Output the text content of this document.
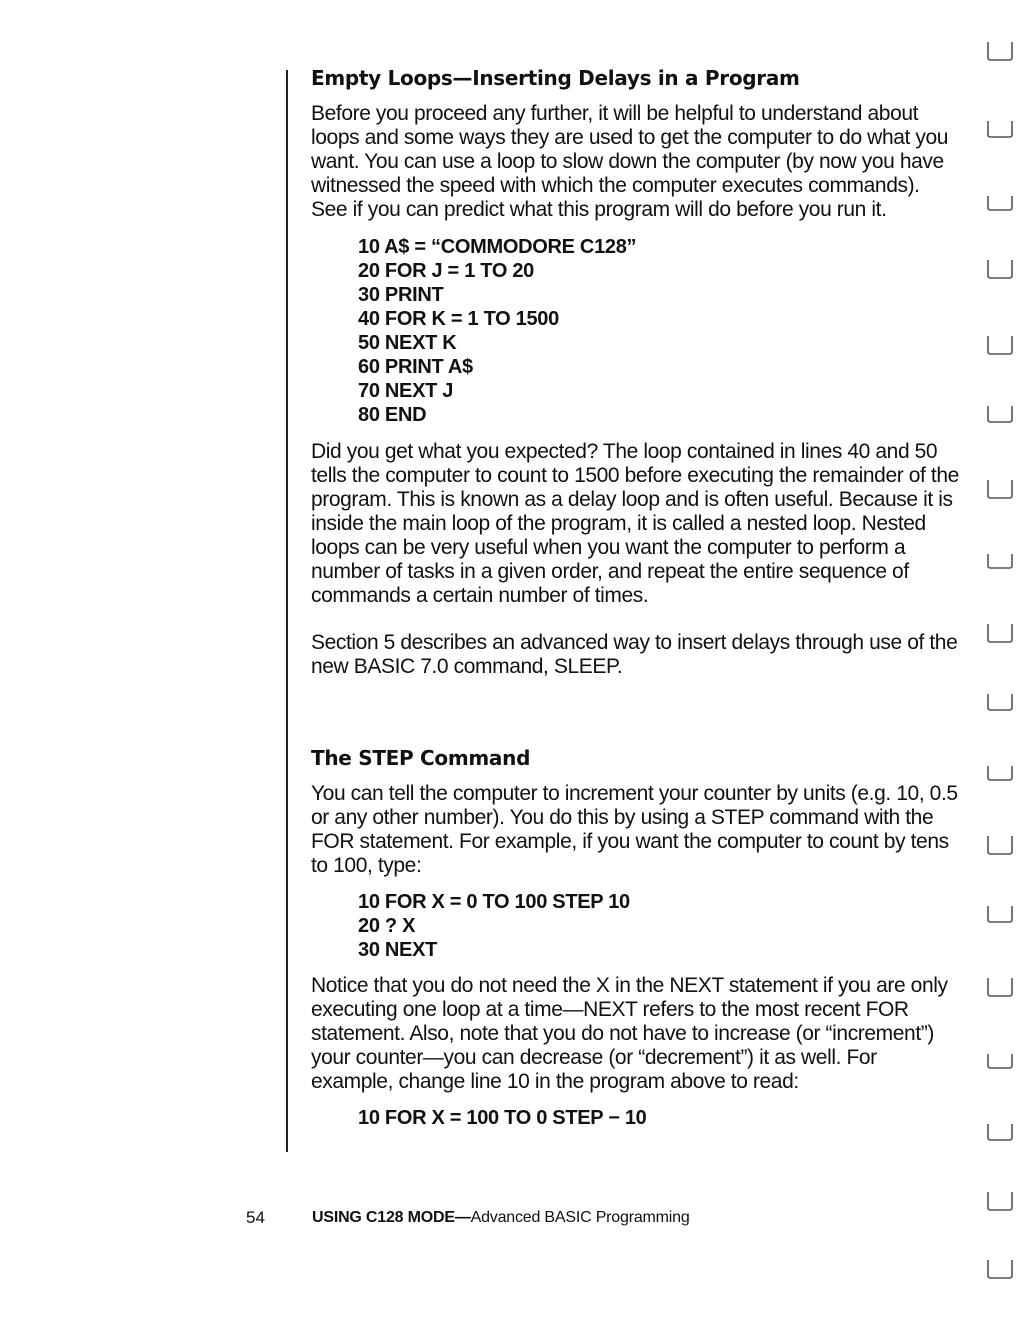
Empty Loops—Inserting Delays in a Program

Before you proceed any further, it will be helpful to understand about loops and some ways they are used to get the computer to do what you want. You can use a loop to slow down the computer (by now you have witnessed the speed with which the computer executes commands). See if you can predict what this program will do before you run it.

10 A$ = “COMMODORE C128”
20 FOR J = 1 TO 20
30 PRINT
40 FOR K = 1 TO 1500
50 NEXT K
60 PRINT A$
70 NEXT J
80 END

Did you get what you expected? The loop contained in lines 40 and 50 tells the computer to count to 1500 before executing the remainder of the program. This is known as a delay loop and is often useful. Because it is inside the main loop of the program, it is called a nested loop. Nested loops can be very useful when you want the computer to perform a number of tasks in a given order, and repeat the entire sequence of commands a certain number of times.

Section 5 describes an advanced way to insert delays through use of the new BASIC 7.0 command, SLEEP.

The STEP Command

You can tell the computer to increment your counter by units (e.g. 10, 0.5 or any other number). You do this by using a STEP command with the FOR statement. For example, if you want the computer to count by tens to 100, type:

10 FOR X = 0 TO 100 STEP 10
20 ? X
30 NEXT

Notice that you do not need the X in the NEXT statement if you are only executing one loop at a time—NEXT refers to the most recent FOR statement. Also, note that you do not have to increase (or “increment”) your counter—you can decrease (or “decrement”) it as well. For example, change line 10 in the program above to read:

10 FOR X = 100 TO 0 STEP − 10
54	USING C128 MODE—Advanced BASIC Programming
